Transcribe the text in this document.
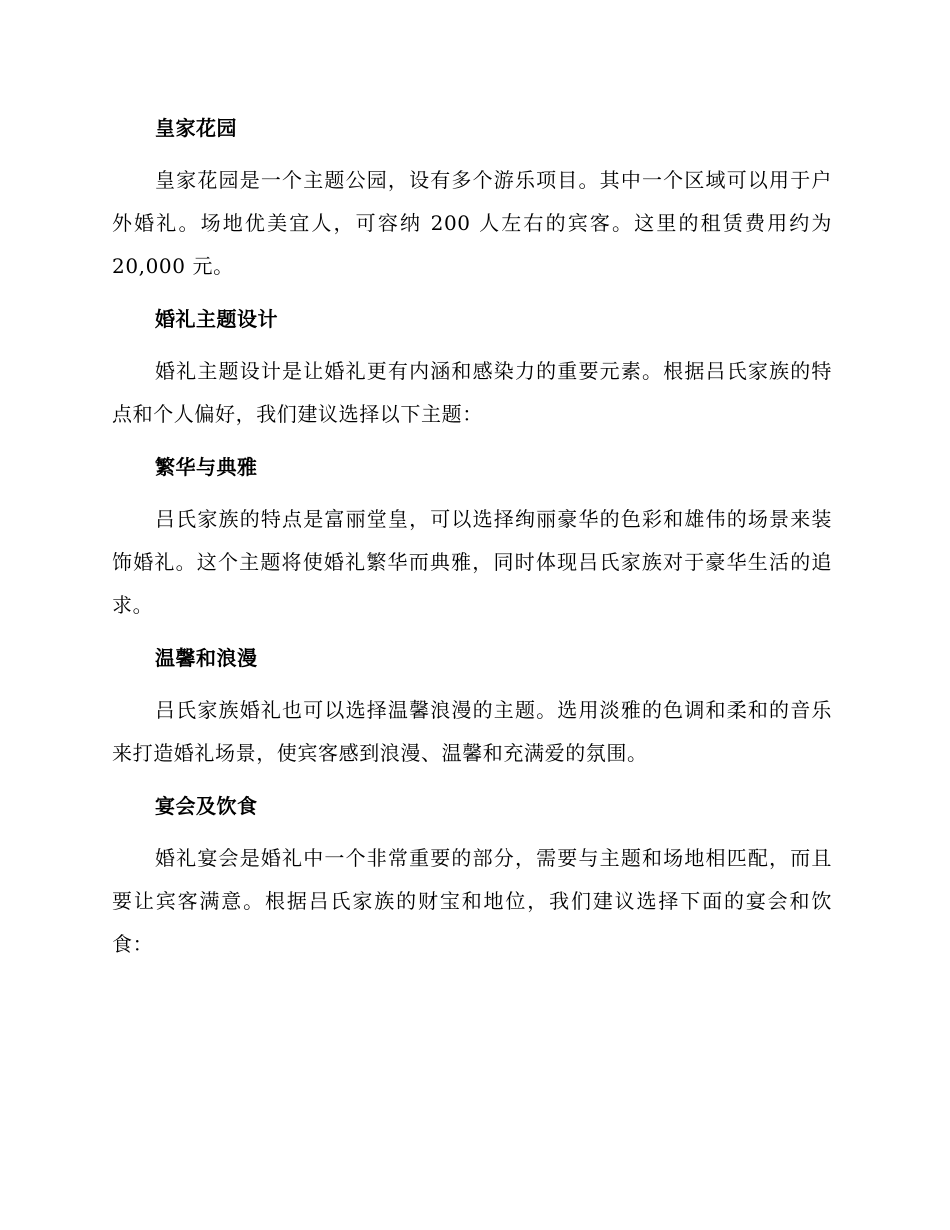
皇家花园

皇家花园是一个主题公园，设有多个游乐项目。其中一个区域可以用于户外婚礼。场地优美宜人，可容纳 200 人左右的宾客。这里的租赁费用约为 20,000 元。

婚礼主题设计

婚礼主题设计是让婚礼更有内涵和感染力的重要元素。根据吕氏家族的特点和个人偏好，我们建议选择以下主题：

繁华与典雅

吕氏家族的特点是富丽堂皇，可以选择绚丽豪华的色彩和雄伟的场景来装饰婚礼。这个主题将使婚礼繁华而典雅，同时体现吕氏家族对于豪华生活的追求。

温馨和浪漫

吕氏家族婚礼也可以选择温馨浪漫的主题。选用淡雅的色调和柔和的音乐来打造婚礼场景，使宾客感到浪漫、温馨和充满爱的氛围。

宴会及饮食

婚礼宴会是婚礼中一个非常重要的部分，需要与主题和场地相匹配，而且要让宾客满意。根据吕氏家族的财宝和地位，我们建议选择下面的宴会和饮食：
